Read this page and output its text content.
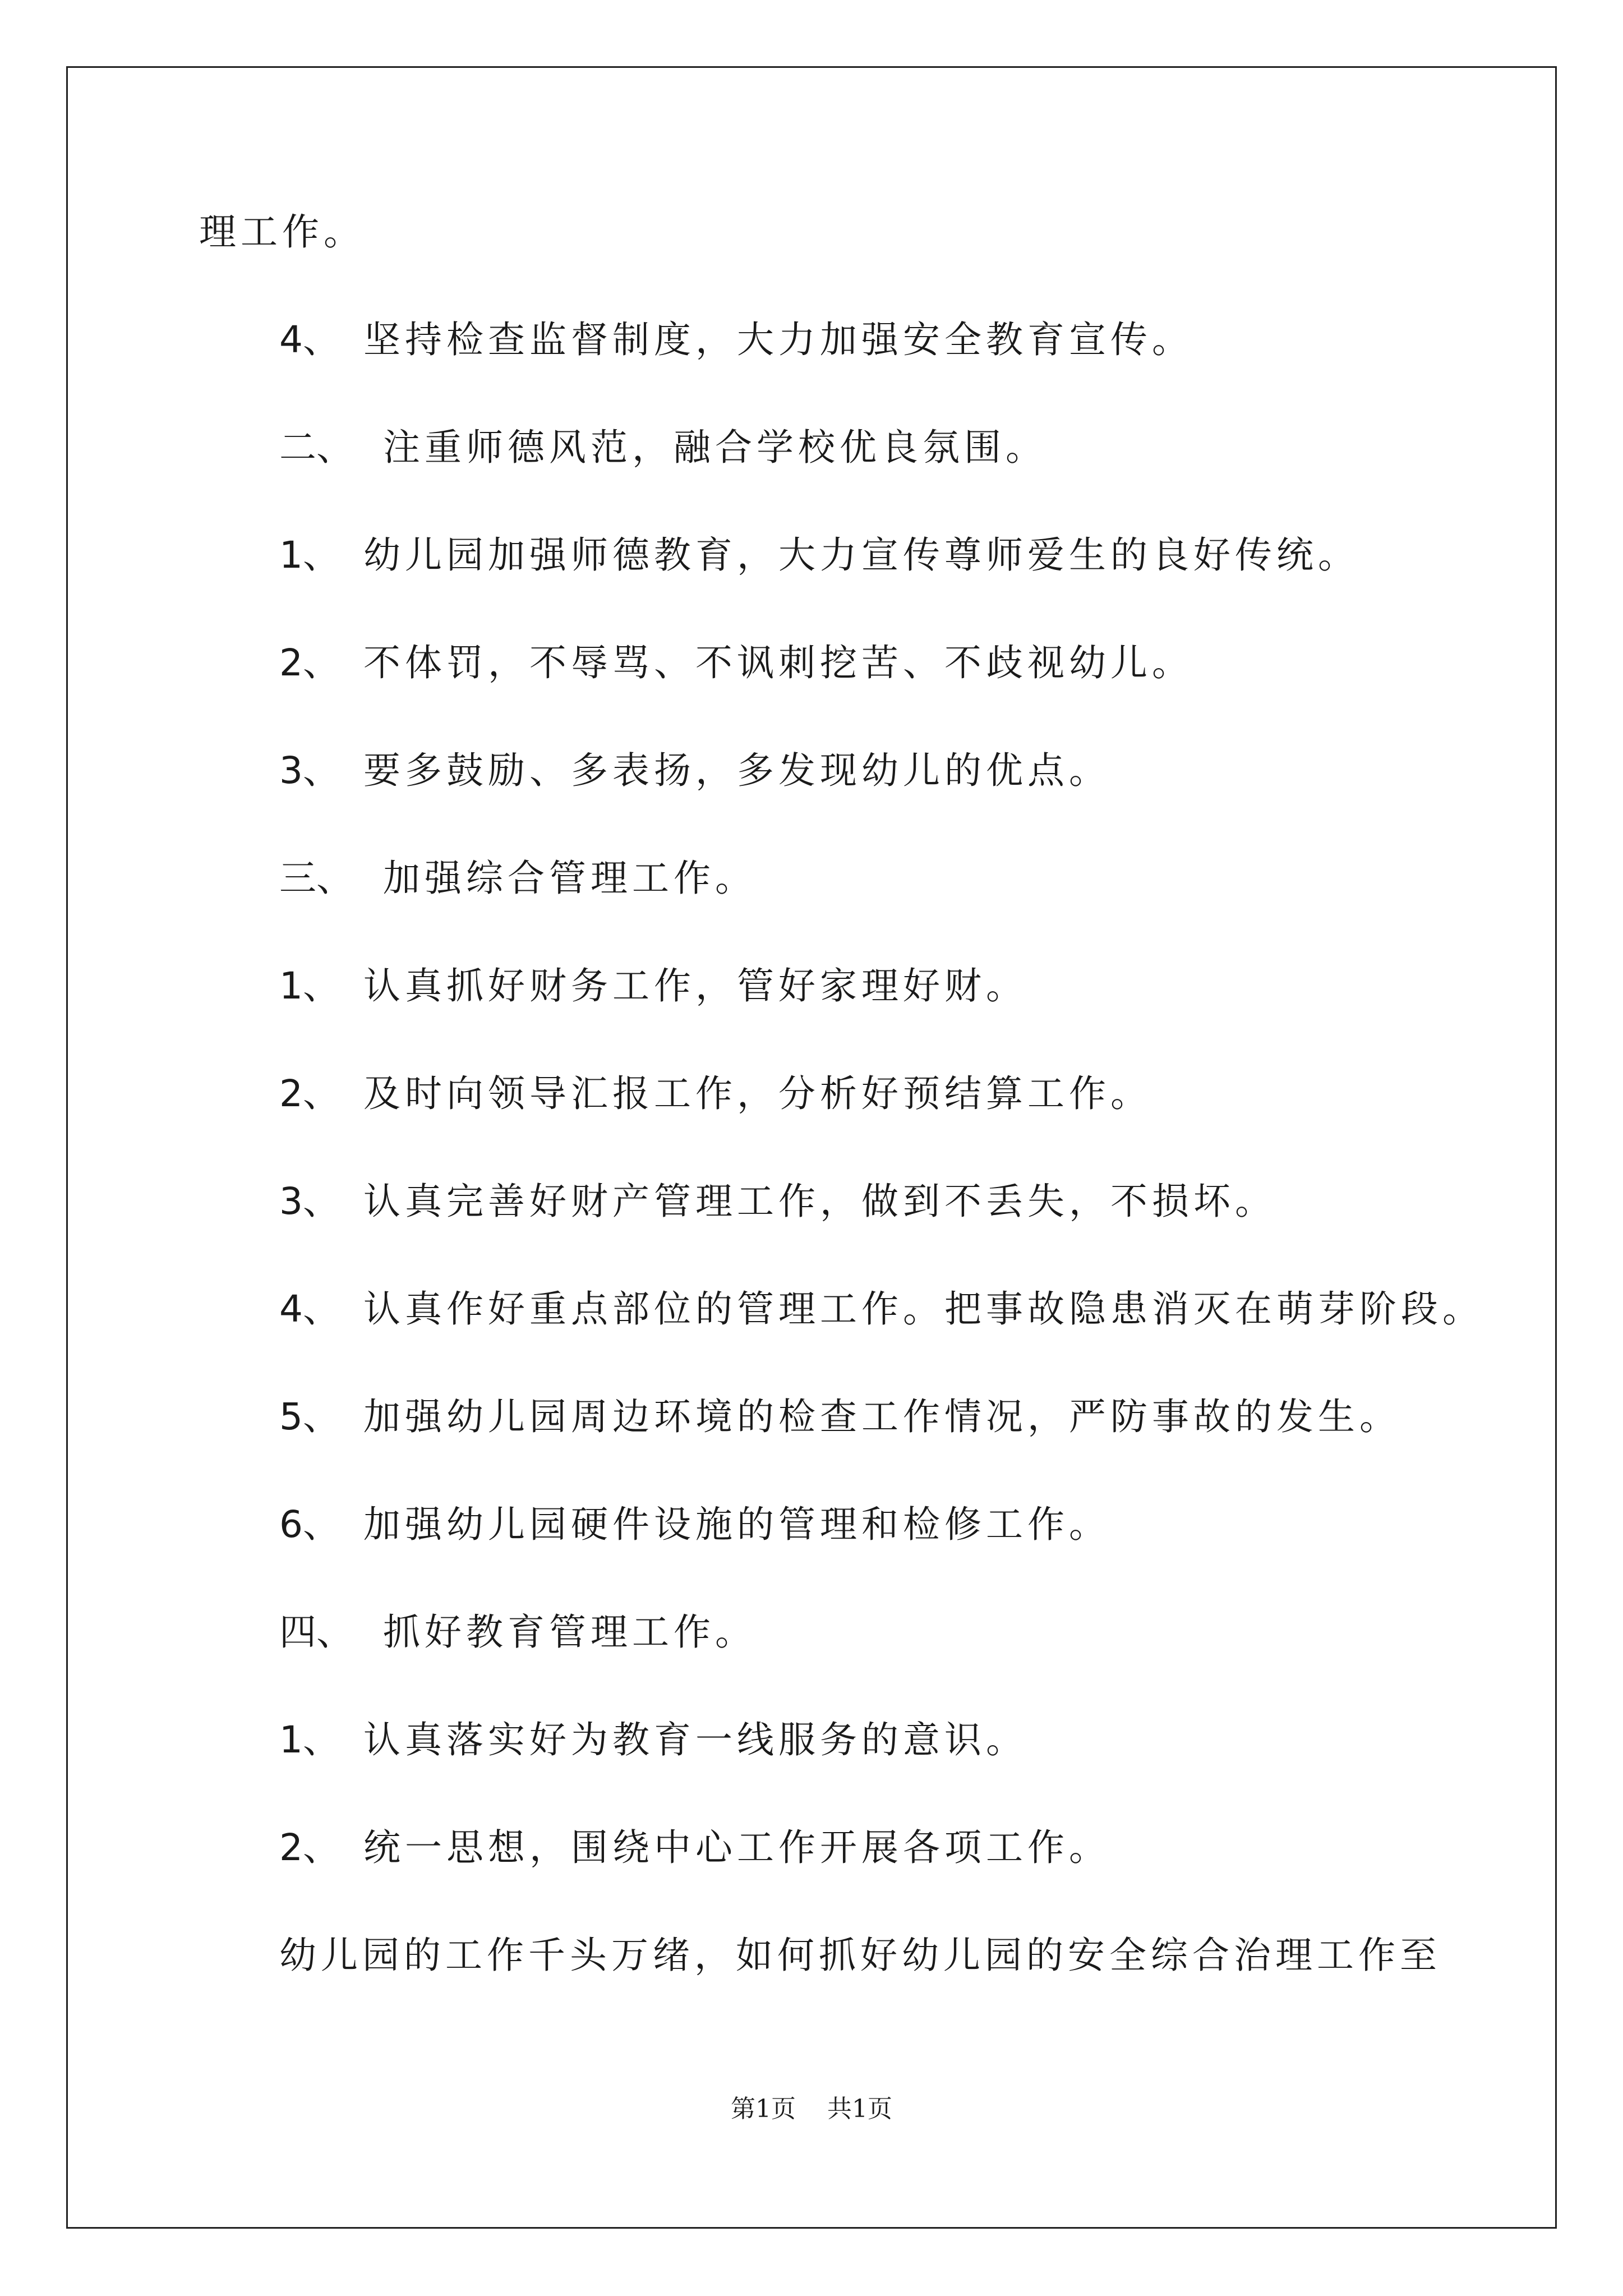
理工作。
4、 坚持检查监督制度，大力加强安全教育宣传。
二、 注重师德风范，融合学校优良氛围。
1、 幼儿园加强师德教育，大力宣传尊师爱生的良好传统。
2、 不体罚，不辱骂、不讽刺挖苦、不歧视幼儿。
3、 要多鼓励、多表扬，多发现幼儿的优点。
三、 加强综合管理工作。
1、 认真抓好财务工作，管好家理好财。
2、 及时向领导汇报工作，分析好预结算工作。
3、 认真完善好财产管理工作，做到不丢失，不损坏。
4、 认真作好重点部位的管理工作。把事故隐患消灭在萌芽阶段。
5、 加强幼儿园周边环境的检查工作情况，严防事故的发生。
6、 加强幼儿园硬件设施的管理和检修工作。
四、 抓好教育管理工作。
1、 认真落实好为教育一线服务的意识。
2、 统一思想，围绕中心工作开展各项工作。
幼儿园的工作千头万绪，如何抓好幼儿园的安全综合治理工作至
第1页 共1页
